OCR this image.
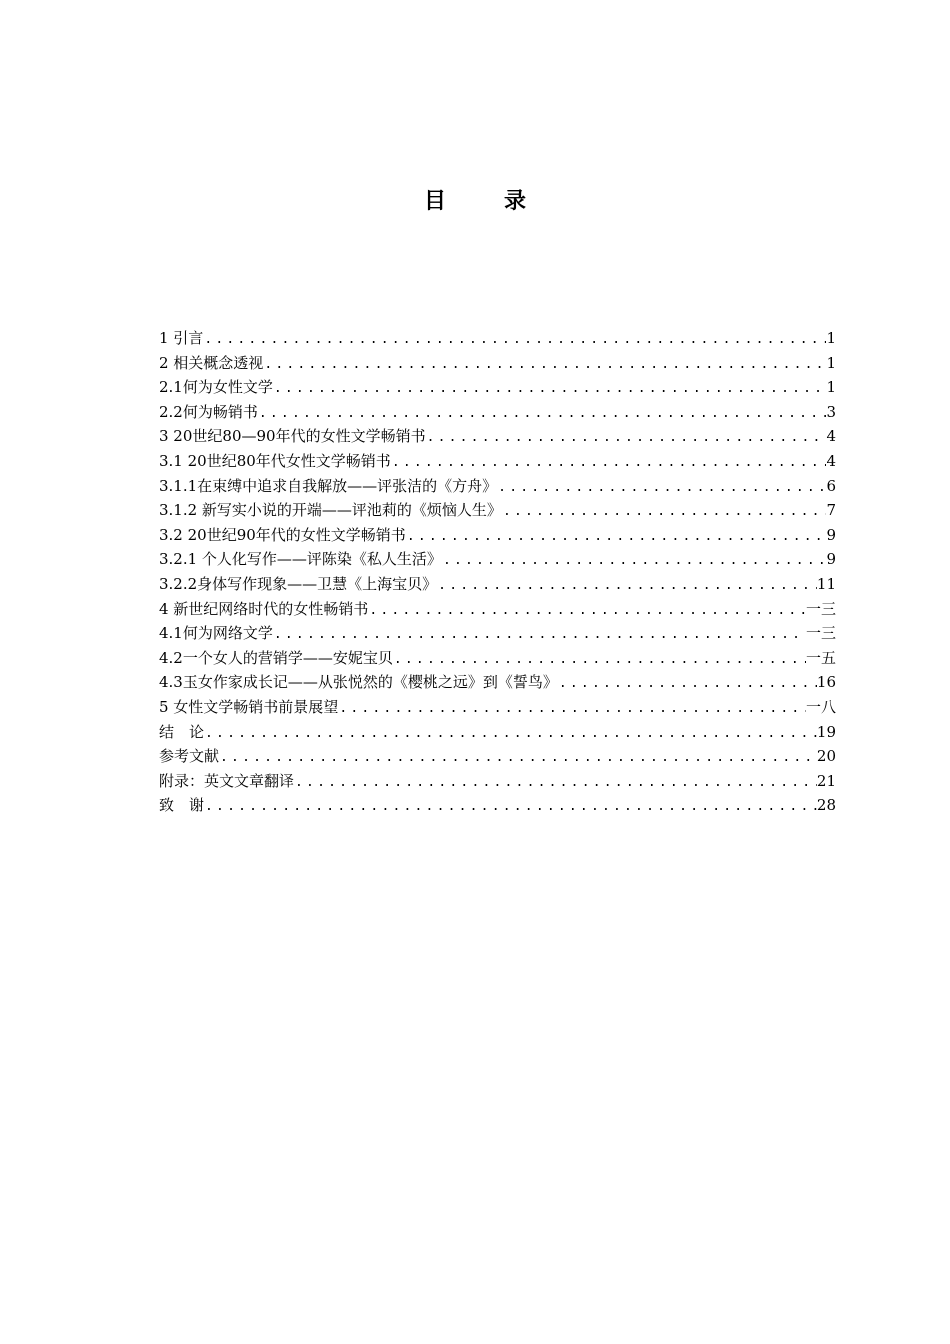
目　录
1 引言 .....	1
2 相关概念透视 .....	1
2.1何为女性文学 .....	1
2.2何为畅销书 .....	3
3 20世纪80—90年代的女性文学畅销书 .....	4
3.1 20世纪80年代女性文学畅销书 .....	4
3.1.1在束缚中追求自我解放——评张洁的《方舟》 .....	6
3.1.2 新写实小说的开端——评池莉的《烦恼人生》 .....	7
3.2 20世纪90年代的女性文学畅销书 .....	9
3.2.1 个人化写作——评陈染《私人生活》 .....	9
3.2.2身体写作现象——卫慧《上海宝贝》 .....	11
4 新世纪网络时代的女性畅销书 .....	一三
4.1何为网络文学 .....	一三
4.2一个女人的营销学——安妮宝贝 .....	一五
4.3玉女作家成长记——从张悦然的《樱桃之远》到《誓鸟》 .....	16
5 女性文学畅销书前景展望 .....	一八
结　论 .....	19
参考文献 .....	20
附录：英文文章翻译 .....	21
致　谢 .....	28
